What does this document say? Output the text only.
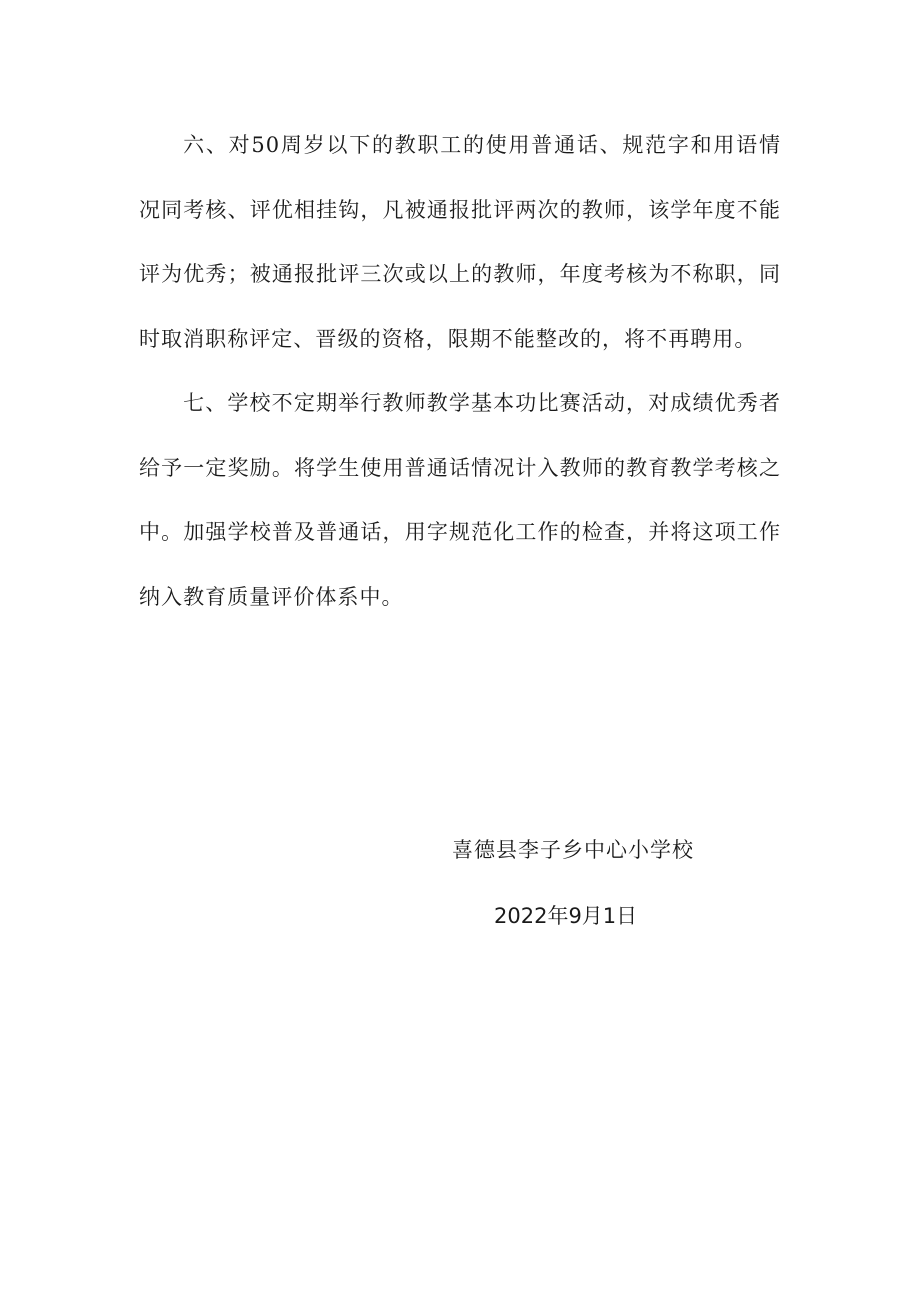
六、对50周岁以下的教职工的使用普通话、规范字和用语情况同考核、评优相挂钩，凡被通报批评两次的教师，该学年度不能评为优秀；被通报批评三次或以上的教师，年度考核为不称职，同时取消职称评定、晋级的资格，限期不能整改的，将不再聘用。

七、学校不定期举行教师教学基本功比赛活动，对成绩优秀者给予一定奖励。将学生使用普通话情况计入教师的教育教学考核之中。加强学校普及普通话，用字规范化工作的检查，并将这项工作纳入教育质量评价体系中。

喜德县李子乡中心小学校
2022年9月1日
